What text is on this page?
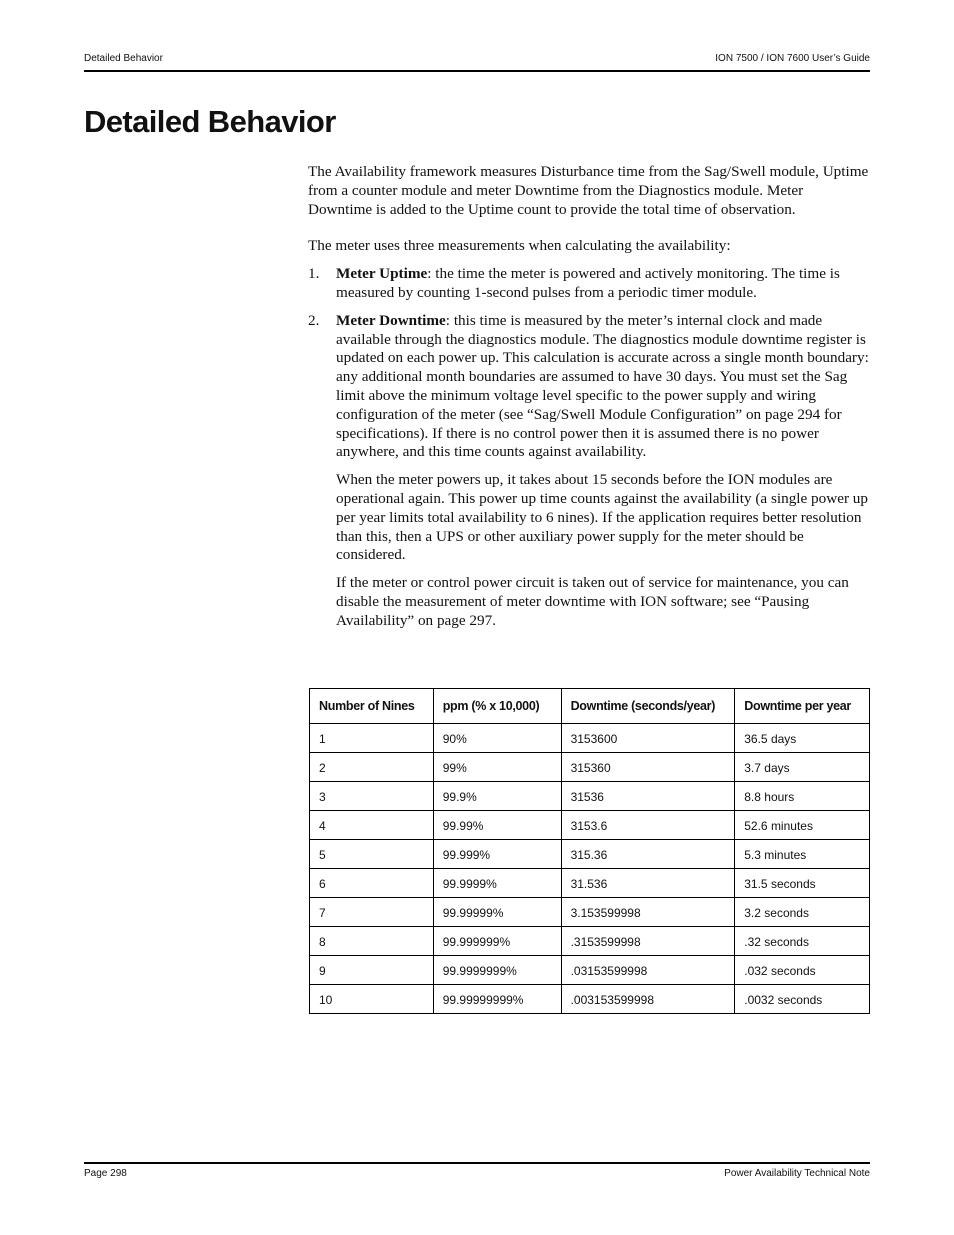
Detailed Behavior	ION 7500 / ION 7600 User’s Guide
Detailed Behavior

The Availability framework measures Disturbance time from the Sag/Swell module, Uptime from a counter module and meter Downtime from the Diagnostics module. Meter Downtime is added to the Uptime count to provide the total time of observation.

The meter uses three measurements when calculating the availability:

1. Meter Uptime: the time the meter is powered and actively monitoring. The time is measured by counting 1-second pulses from a periodic timer module.

2. Meter Downtime: this time is measured by the meter’s internal clock and made available through the diagnostics module. The diagnostics module downtime register is updated on each power up. This calculation is accurate across a single month boundary: any additional month boundaries are assumed to have 30 days. You must set the Sag limit above the minimum voltage level specific to the power supply and wiring configuration of the meter (see “Sag/Swell Module Configuration” on page 294 for specifications). If there is no control power then it is assumed there is no power anywhere, and this time counts against availability.

When the meter powers up, it takes about 15 seconds before the ION modules are operational again. This power up time counts against the availability (a single power up per year limits total availability to 6 nines). If the application requires better resolution than this, then a UPS or other auxiliary power supply for the meter should be considered.

If the meter or control power circuit is taken out of service for maintenance, you can disable the measurement of meter downtime with ION software; see “Pausing Availability” on page 297.

Number of Nines	ppm (% x 10,000)	Downtime (seconds/year)	Downtime per year
1	90%	3153600	36.5 days
2	99%	315360	3.7 days
3	99.9%	31536	8.8 hours
4	99.99%	3153.6	52.6 minutes
5	99.999%	315.36	5.3 minutes
6	99.9999%	31.536	31.5 seconds
7	99.99999%	3.153599998	3.2 seconds
8	99.999999%	.3153599998	.32 seconds
9	99.9999999%	.03153599998	.032 seconds
10	99.99999999%	.003153599998	.0032 seconds
Page 298	Power Availability Technical Note
